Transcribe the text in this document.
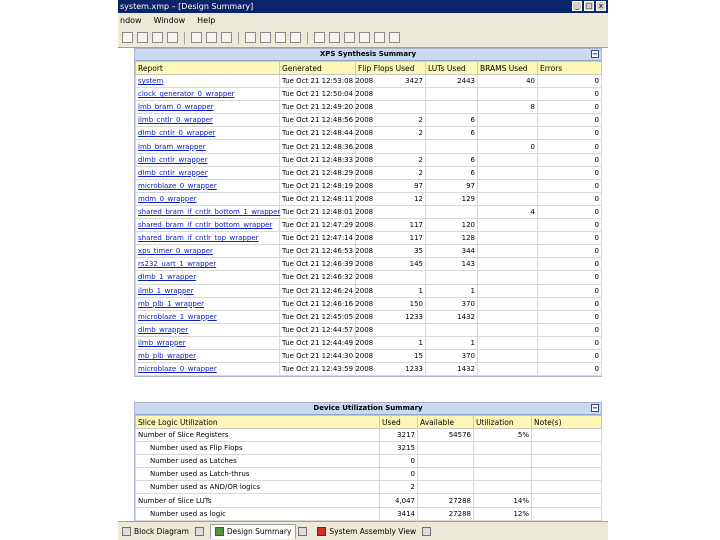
system.xmp – [Design Summary]	_ □ x
ndow Window Help
XPS Synthesis Summary	−
Report	Generated	Flip Flops Used	LUTs Used	BRAMS Used	Errors
system	Tue Oct 21 12:53:08 2008	3427	2443	40	0
clock_generator_0_wrapper	Tue Oct 21 12:50:04 2008				0
lmb_bram_0_wrapper	Tue Oct 21 12:49:20 2008			8	0
ilmb_cntlr_0_wrapper	Tue Oct 21 12:48:56 2008	2	6		0
dlmb_cntlr_0_wrapper	Tue Oct 21 12:48:44 2008	2	6		0
lmb_bram_wrapper	Tue Oct 21 12:48:36 2008			0	0
dlmb_cntlr_wrapper	Tue Oct 21 12:48:33 2008	2	6		0
dlmb_cntlr_wrapper	Tue Oct 21 12:48:29 2008	2	6		0
microblaze_0_wrapper	Tue Oct 21 12:48:19 2008	97	97		0
mdm_0_wrapper	Tue Oct 21 12:48:11 2008	12	129		0
shared_bram_if_cntlr_bottom_1_wrapper	Tue Oct 21 12:48:01 2008			4	0
shared_bram_if_cntlr_bottom_wrapper	Tue Oct 21 12:47:29 2008	117	120		0
shared_bram_if_cntlr_top_wrapper	Tue Oct 21 12:47:14 2008	117	128		0
xps_timer_0_wrapper	Tue Oct 21 12:46:53 2008	35	344		0
rs232_uart_1_wrapper	Tue Oct 21 12:46:39 2008	145	143		0
dlmb_1_wrapper	Tue Oct 21 12:46:32 2008				0
ilmb_1_wrapper	Tue Oct 21 12:46:24 2008	1	1		0
mb_plb_1_wrapper	Tue Oct 21 12:46:16 2008	150	370		0
microblaze_1_wrapper	Tue Oct 21 12:45:05 2008	1233	1432		0
dlmb_wrapper	Tue Oct 21 12:44:57 2008				0
ilmb_wrapper	Tue Oct 21 12:44:49 2008	1	1		0
mb_plb_wrapper	Tue Oct 21 12:44:30 2008	15	370		0
microblaze_0_wrapper	Tue Oct 21 12:43:59 2008	1233	1432		0
Device Utilization Summary	−
Slice Logic Utilization	Used	Available	Utilization	Note(s)
Number of Slice Registers	3217	54576	5%	
Number used as Flip Flops	3215			
Number used as Latches	0			
Number used as Latch-thrus	0			
Number used as AND/OR logics	2			
Number of Slice LUTs	4,047	27288	14%	
Number used as logic	3414	27288	12%	
Block Diagram	Design Summary	System Assembly View
